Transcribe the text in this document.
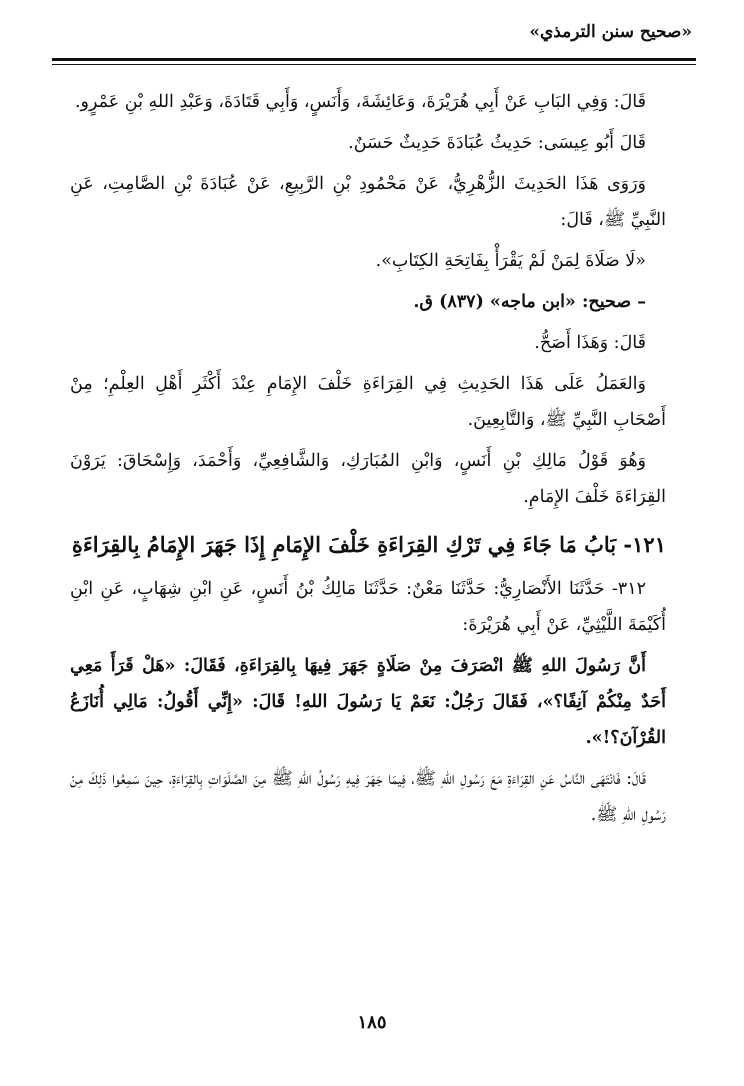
«صحيح سنن الترمذي»

قَالَ: وَفِي البَابِ عَنْ أَبِي هُرَيْرَةَ، وَعَائِشَةَ، وَأَنَسٍ، وَأَبِي قَتَادَةَ، وَعَبْدِ اللهِ بْنِ عَمْرٍو.

قَالَ أَبُو عِيسَى: حَدِيثُ عُبَادَةَ حَدِيثٌ حَسَنٌ.

وَرَوَى هَذَا الحَدِيثَ الزُّهْرِيُّ، عَنْ مَحْمُودِ بْنِ الرَّبِيعِ، عَنْ عُبَادَةَ بْنِ الصَّامِتِ، عَنِ النَّبِيِّ ﷺ، قَالَ:

«لَا صَلَاةَ لِمَنْ لَمْ يَقْرَأْ بِفَاتِحَةِ الكِتَابِ».

– صحيح: «ابن ماجه» (٨٣٧) ق.

قَالَ: وَهَذَا أَصَحُّ.

وَالعَمَلُ عَلَى هَذَا الحَدِيثِ فِي القِرَاءَةِ خَلْفَ الإِمَامِ عِنْدَ أَكْثَرِ أَهْلِ العِلْمِ؛ مِنْ أَصْحَابِ النَّبِيِّ ﷺ، وَالتَّابِعِينَ.

وَهُوَ قَوْلُ مَالِكِ بْنِ أَنَسٍ، وَابْنِ المُبَارَكِ، وَالشَّافِعِيِّ، وَأَحْمَدَ، وَإِسْحَاقَ: يَرَوْنَ القِرَاءَةَ خَلْفَ الإِمَامِ.

١٢١- بَابُ مَا جَاءَ فِي تَرْكِ القِرَاءَةِ خَلْفَ الإِمَامِ إِذَا جَهَرَ الإِمَامُ بِالقِرَاءَةِ

٣١٢- حَدَّثَنَا الأَنْصَارِيُّ: حَدَّثَنَا مَعْنٌ: حَدَّثَنَا مَالِكُ بْنُ أَنَسٍ، عَنِ ابْنِ شِهَابٍ، عَنِ ابْنِ أُكَيْمَةَ اللَّيْثِيِّ، عَنْ أَبِي هُرَيْرَةَ:

أَنَّ رَسُولَ اللهِ ﷺ انْصَرَفَ مِنْ صَلَاةٍ جَهَرَ فِيهَا بِالقِرَاءَةِ، فَقَالَ: «هَلْ قَرَأَ مَعِي أَحَدٌ مِنْكُمْ آنِفًا؟»، فَقَالَ رَجُلٌ: نَعَمْ يَا رَسُولَ اللهِ! قَالَ: «إِنِّي أَقُولُ: مَالِي أُنَازَعُ القُرْآنَ؟!».

قَالَ: فَانْتَهَى النَّاسُ عَنِ القِرَاءَةِ مَعَ رَسُولِ اللهِ ﷺ، فِيمَا جَهَرَ فِيهِ رَسُولُ اللهِ ﷺ مِنَ الصَّلَوَاتِ بِالقِرَاءَةِ، حِينَ سَمِعُوا ذَلِكَ مِنْ رَسُولِ اللهِ ﷺ.

١٨٥
